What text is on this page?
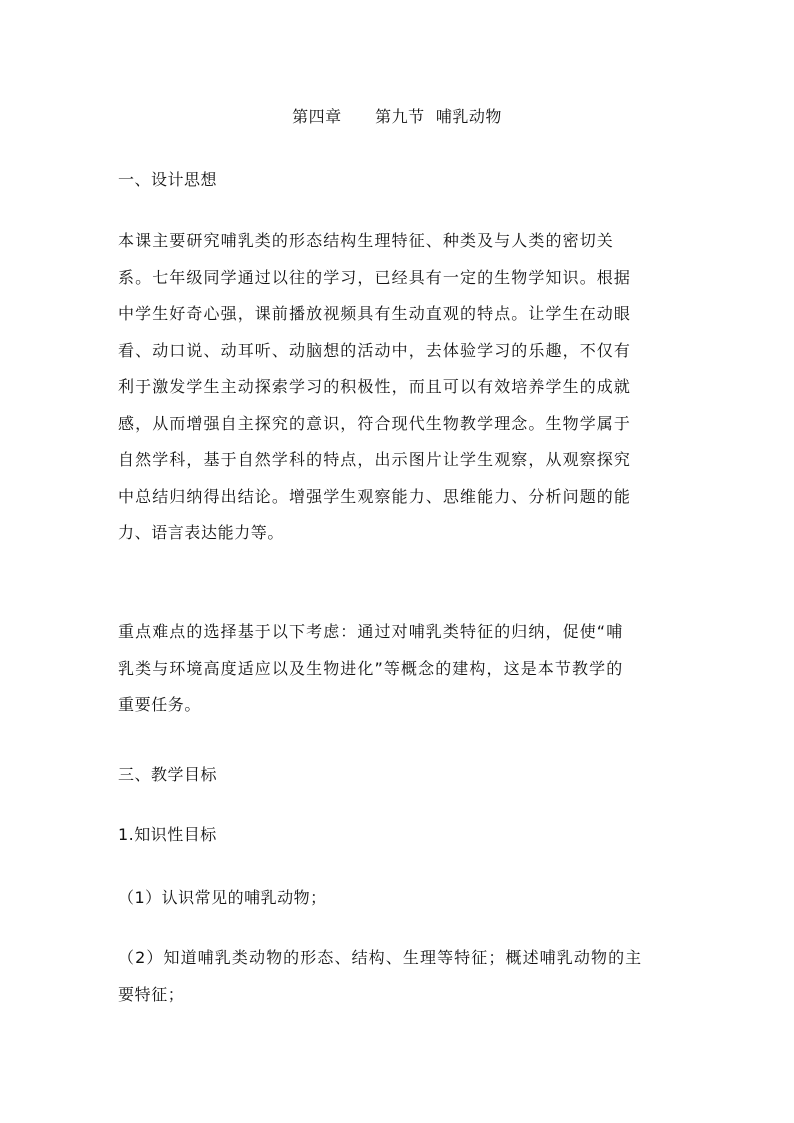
第四章      第九节  哺乳动物
一、设计思想
本课主要研究哺乳类的形态结构生理特征、种类及与人类的密切关
系。七年级同学通过以往的学习，已经具有一定的生物学知识。根据
中学生好奇心强，课前播放视频具有生动直观的特点。让学生在动眼
看、动口说、动耳听、动脑想的活动中，去体验学习的乐趣，不仅有
利于激发学生主动探索学习的积极性，而且可以有效培养学生的成就
感，从而增强自主探究的意识，符合现代生物教学理念。生物学属于
自然学科，基于自然学科的特点，出示图片让学生观察，从观察探究
中总结归纳得出结论。增强学生观察能力、思维能力、分析问题的能
力、语言表达能力等。
重点难点的选择基于以下考虑：通过对哺乳类特征的归纳，促使“哺
乳类与环境高度适应以及生物进化”等概念的建构，这是本节教学的
重要任务。
三、教学目标
1.知识性目标
（1）认识常见的哺乳动物；
（2）知道哺乳类动物的形态、结构、生理等特征；概述哺乳动物的主
要特征；
